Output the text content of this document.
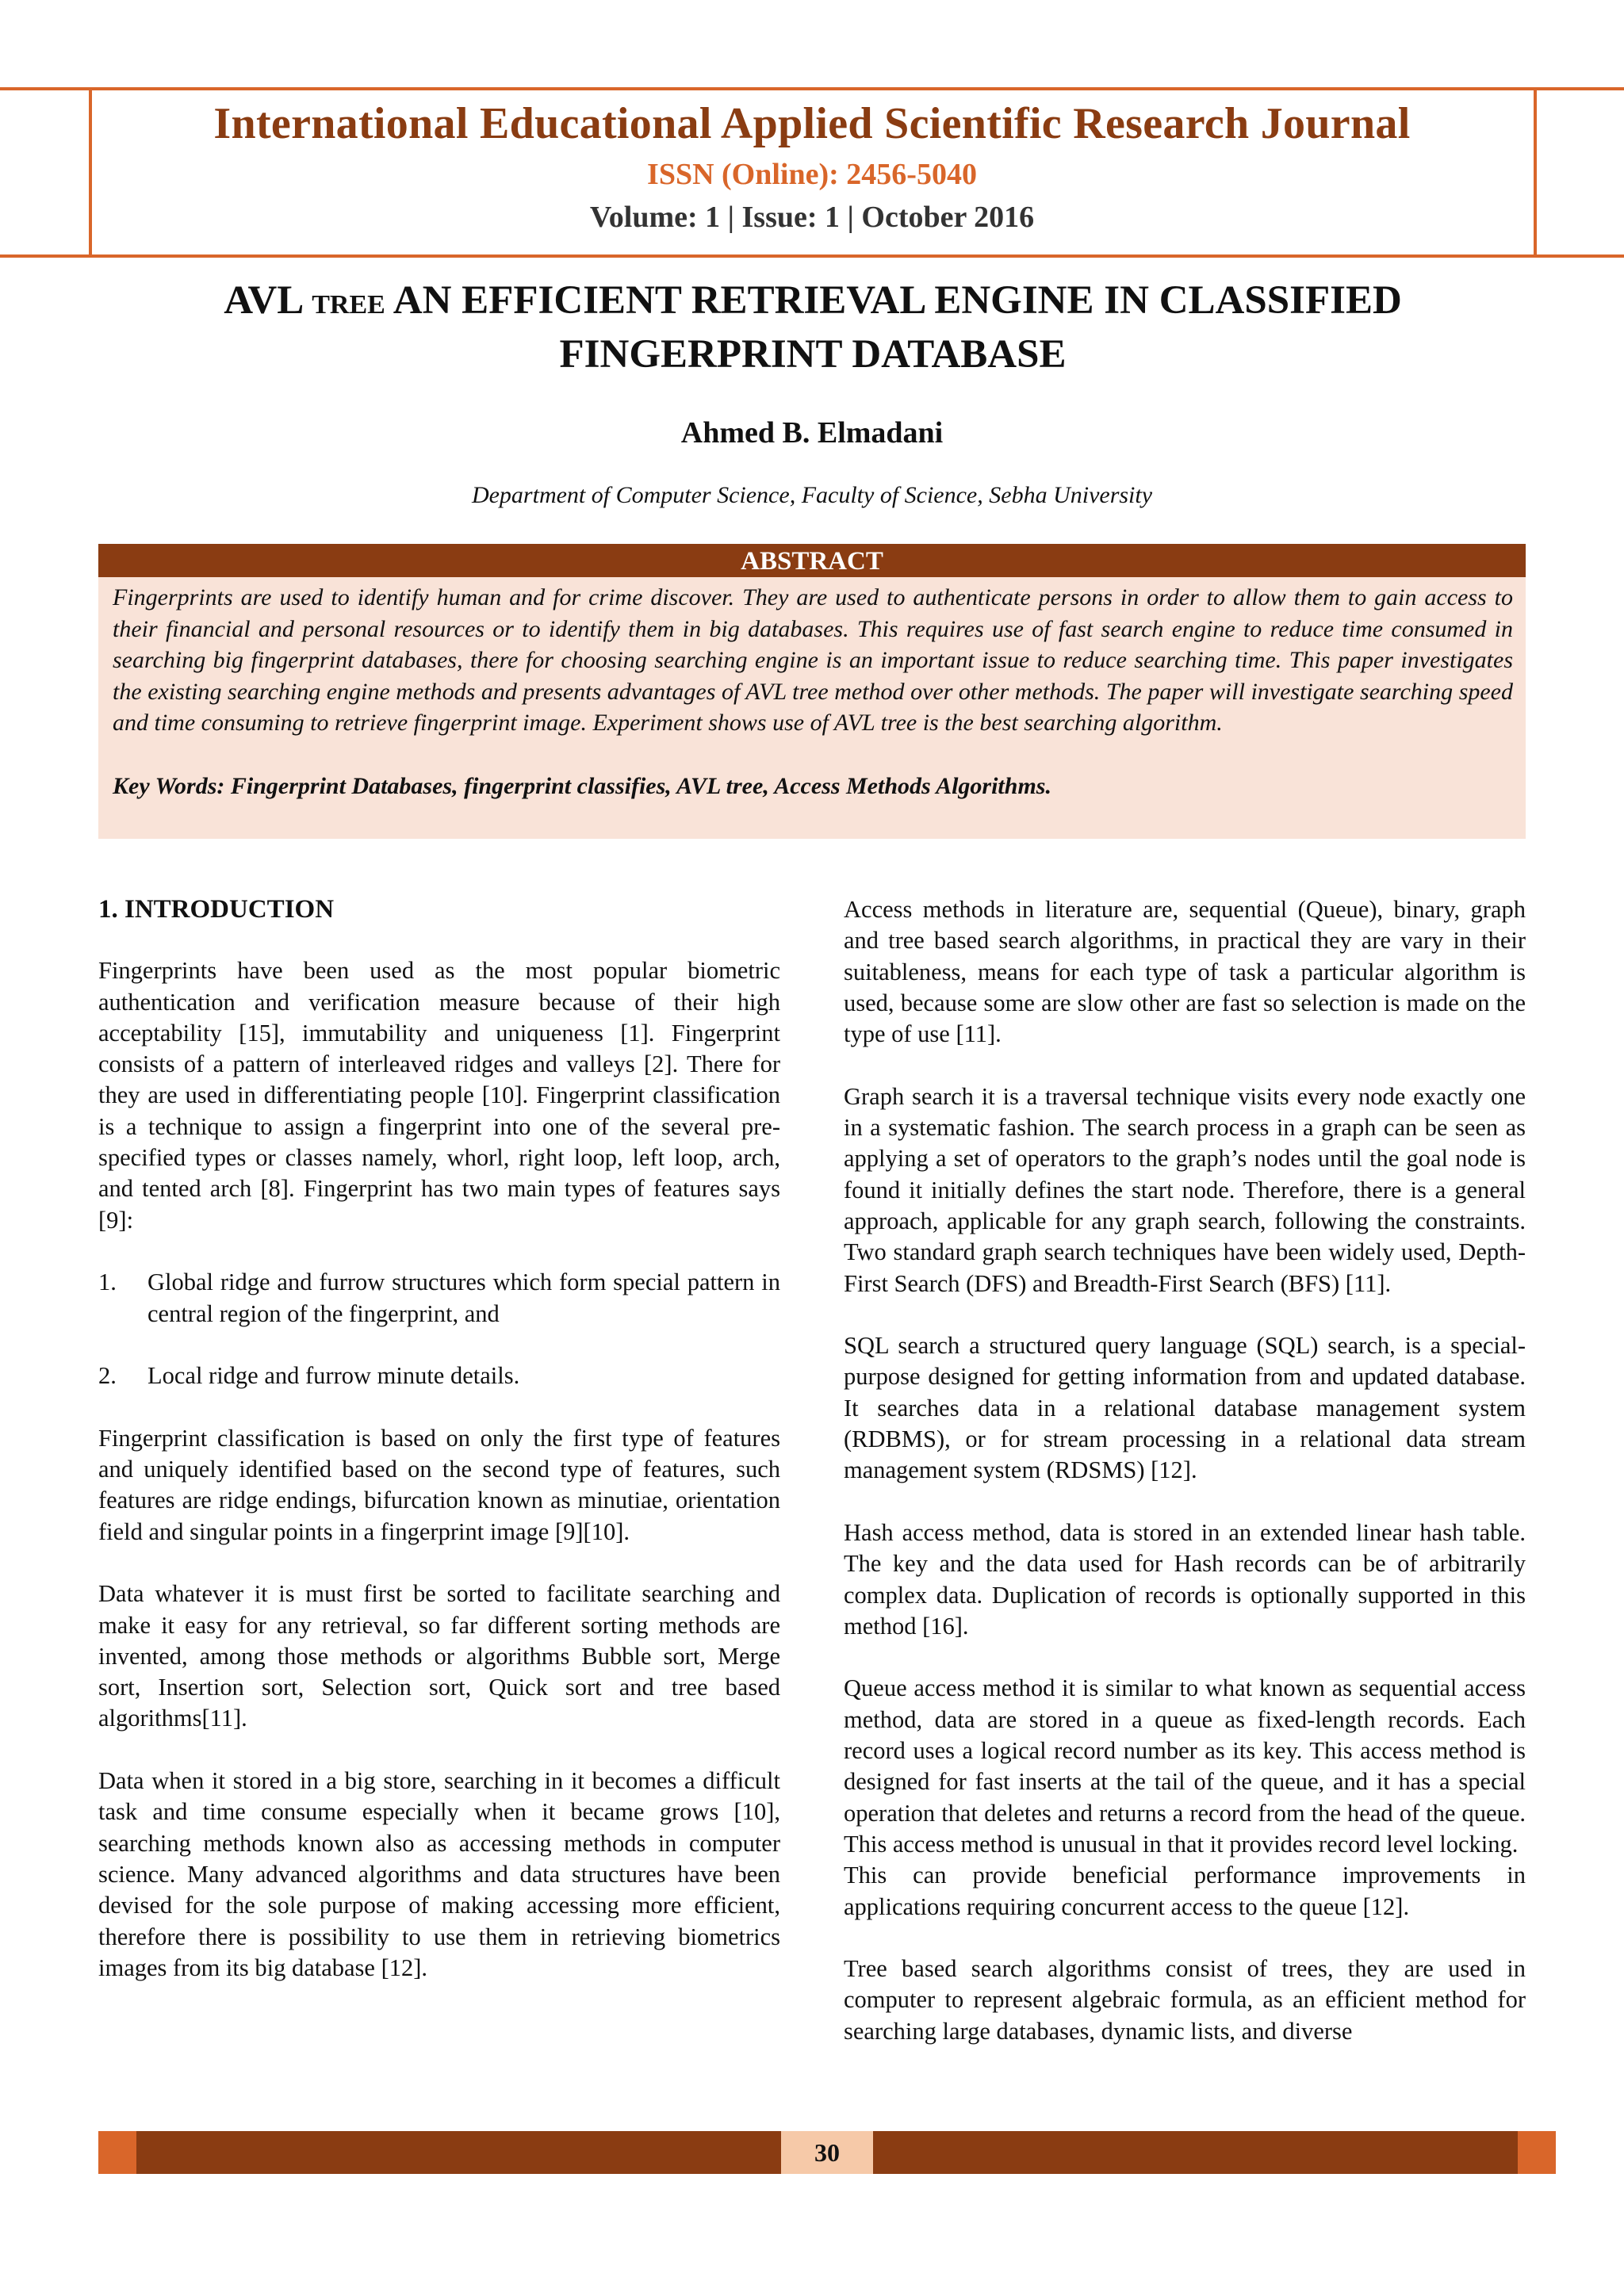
International Educational Applied Scientific Research Journal
ISSN (Online): 2456-5040
Volume: 1 | Issue: 1 | October 2016
AVL TREE AN EFFICIENT RETRIEVAL ENGINE IN CLASSIFIED
FINGERPRINT DATABASE
Ahmed B. Elmadani
Department of Computer Science, Faculty of Science, Sebha University
ABSTRACT
Fingerprints are used to identify human and for crime discover. They are used to authenticate persons in order to allow them to gain access to their financial and personal resources or to identify them in big databases. This requires use of fast search engine to reduce time consumed in searching big fingerprint databases, there for choosing searching engine is an important issue to reduce searching time. This paper investigates the existing searching engine methods and presents advantages of AVL tree method over other methods. The paper will investigate searching speed and time consuming to retrieve fingerprint image. Experiment shows use of AVL tree is the best searching algorithm.
Key Words: Fingerprint Databases, fingerprint classifies, AVL tree, Access Methods Algorithms.
1. INTRODUCTION

Fingerprints have been used as the most popular biometric authentication and verification measure because of their high acceptability [15], immutability and uniqueness [1]. Fingerprint consists of a pattern of interleaved ridges and valleys [2]. There for they are used in differentiating people [10]. Fingerprint classification is a technique to assign a fingerprint into one of the several pre-specified types or classes namely, whorl, right loop, left loop, arch, and tented arch [8]. Fingerprint has two main types of features says [9]:

1.	Global ridge and furrow structures which form special pattern in central region of the fingerprint, and
2.	Local ridge and furrow minute details.

Fingerprint classification is based on only the first type of features and uniquely identified based on the second type of features, such features are ridge endings, bifurcation known as minutiae, orientation field and singular points in a fingerprint image [9][10].

Data whatever it is must first be sorted to facilitate searching and make it easy for any retrieval, so far different sorting methods are invented, among those methods or algorithms Bubble sort, Merge sort, Insertion sort, Selection sort, Quick sort and tree based algorithms[11].

Data when it stored in a big store, searching in it becomes a difficult task and time consume especially when it became grows [10], searching methods known also as accessing methods in computer science. Many advanced algorithms and data structures have been devised for the sole purpose of making accessing more efficient, therefore there is possibility to use them in retrieving biometrics images from its big database [12].

Access methods in literature are, sequential (Queue), binary, graph and tree based search algorithms, in practical they are vary in their suitableness, means for each type of task a particular algorithm is used, because some are slow other are fast so selection is made on the type of use [11].

Graph search it is a traversal technique visits every node exactly one in a systematic fashion. The search process in a graph can be seen as applying a set of operators to the graph’s nodes until the goal node is found it initially defines the start node. Therefore, there is a general approach, applicable for any graph search, following the constraints. Two standard graph search techniques have been widely used, Depth-First Search (DFS) and Breadth-First Search (BFS) [11].

SQL search a structured query language (SQL) search, is a special-purpose designed for getting information from and updated database. It searches data in a relational database management system (RDBMS), or for stream processing in a relational data stream management system (RDSMS) [12].

Hash access method, data is stored in an extended linear hash table. The key and the data used for Hash records can be of arbitrarily complex data. Duplication of records is optionally supported in this method [16].

Queue access method it is similar to what known as sequential access method, data are stored in a queue as fixed-length records. Each record uses a logical record number as its key. This access method is designed for fast inserts at the tail of the queue, and it has a special operation that deletes and returns a record from the head of the queue. This access method is unusual in that it provides record level locking.

This can provide beneficial performance improvements in applications requiring concurrent access to the queue [12].

Tree based search algorithms consist of trees, they are used in computer to represent algebraic formula, as an efficient method for searching large databases, dynamic lists, and diverse

30
